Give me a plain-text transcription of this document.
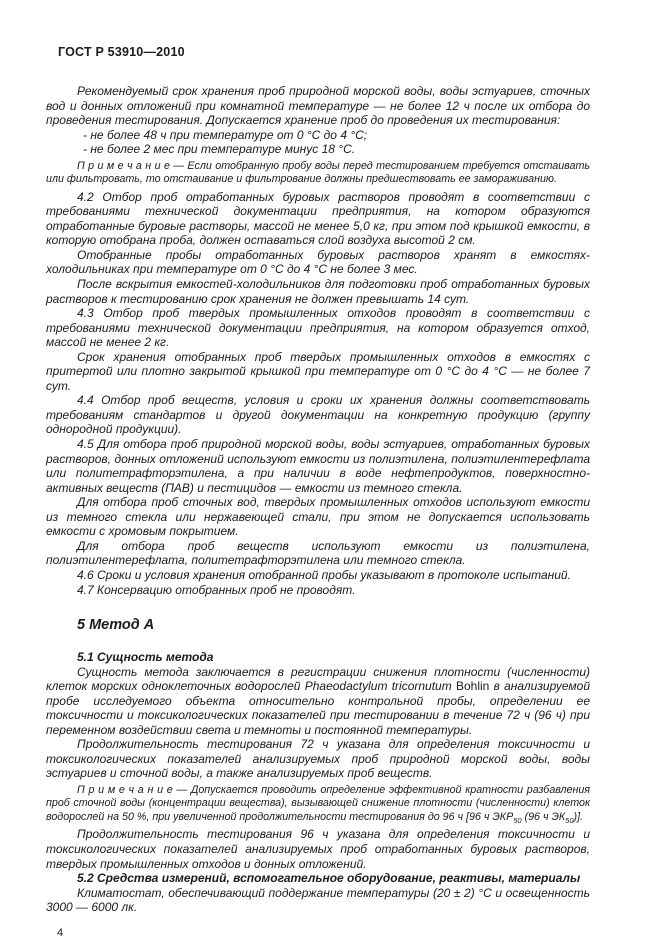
ГОСТ Р 53910—2010

Рекомендуемый срок хранения проб природной морской воды, воды эстуариев, сточных вод и донных отложений при комнатной температуре — не более 12 ч после их отбора до проведения тестирования. Допускается хранение проб до проведения их тестирования:

- не более 48 ч при температуре от 0 °С до 4 °С;

- не более 2 мес при температуре минус 18 °С.

П р и м е ч а н и е — Если отобранную пробу воды перед тестированием требуется отстаивать или фильтровать, то отстаивание и фильтрование должны предшествовать ее замораживанию.

4.2 Отбор проб отработанных буровых растворов проводят в соответствии с требованиями технической документации предприятия, на котором образуются отработанные буровые растворы, массой не менее 5,0 кг, при этом под крышкой емкости, в которую отобрана проба, должен оставаться слой воздуха высотой 2 см.

Отобранные пробы отработанных буровых растворов хранят в емкостях-холодильниках при температуре от 0 °С до 4 °С не более 3 мес.

После вскрытия емкостей-холодильников для подготовки проб отработанных буровых растворов к тестированию срок хранения не должен превышать 14 сут.

4.3 Отбор проб твердых промышленных отходов проводят в соответствии с требованиями технической документации предприятия, на котором образуется отход, массой не менее 2 кг.

Срок хранения отобранных проб твердых промышленных отходов в емкостях с притертой или плотно закрытой крышкой при температуре от 0 °С до 4 °С — не более 7 сут.

4.4 Отбор проб веществ, условия и сроки их хранения должны соответствовать требованиям стандартов и другой документации на конкретную продукцию (группу однородной продукции).

4.5 Для отбора проб природной морской воды, воды эстуариев, отработанных буровых растворов, донных отложений используют емкости из полиэтилена, полиэтилентерефлата или политетрафторэтилена, а при наличии в воде нефтепродуктов, поверхностно-активных веществ (ПАВ) и пестицидов — емкости из темного стекла.

Для отбора проб сточных вод, твердых промышленных отходов используют емкости из темного стекла или нержавеющей стали, при этом не допускается использовать емкости с хромовым покрытием.

Для отбора проб веществ используют емкости из полиэтилена, полиэтилентерефлата, политетрафторэтилена или темного стекла.

4.6 Сроки и условия хранения отобранной пробы указывают в протоколе испытаний.

4.7 Консервацию отобранных проб не проводят.

5 Метод А

5.1 Сущность метода

Сущность метода заключается в регистрации снижения плотности (численности) клеток морских одноклеточных водорослей Phaeodactylum tricornutum Bohlin в анализируемой пробе исследуемого объекта относительно контрольной пробы, определении ее токсичности и токсикологических показателей при тестировании в течение 72 ч (96 ч) при переменном воздействии света и темноты и постоянной температуры.

Продолжительность тестирования 72 ч указана для определения токсичности и токсикологических показателей анализируемых проб природной морской воды, воды эстуариев и сточной воды, а также анализируемых проб веществ.

П р и м е ч а н и е — Допускается проводить определение эффективной кратности разбавления проб сточной воды (концентрации вещества), вызывающей снижение плотности (численности) клеток водорослей на 50 %, при увеличенной продолжительности тестирования до 96 ч [96 ч $ЭКР_{50}$ (96 ч $ЭК_{50}$)].

Продолжительность тестирования 96 ч указана для определения токсичности и токсикологических показателей анализируемых проб отработанных буровых растворов, твердых промышленных отходов и донных отложений.

5.2 Средства измерений, вспомогательное оборудование, реактивы, материалы

Климатостат, обеспечивающий поддержание температуры (20 ± 2) °С и освещенность 3000 — 6000 лк.

4
